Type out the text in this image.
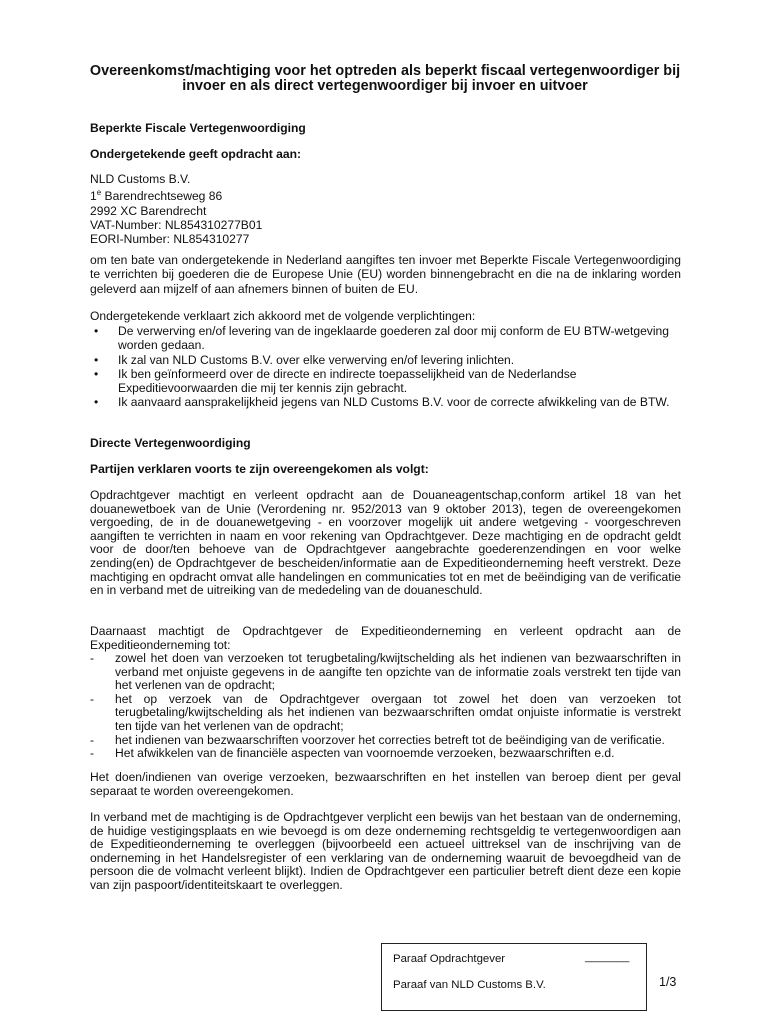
Overeenkomst/machtiging voor het optreden als beperkt fiscaal vertegenwoordiger bij invoer en als direct vertegenwoordiger bij invoer en uitvoer
Beperkte Fiscale Vertegenwoordiging
Ondergetekende geeft opdracht aan:
NLD Customs B.V.
1e Barendrechtseweg 86
2992 XC Barendrecht
VAT-Number: NL854310277B01
EORI-Number: NL854310277
om ten bate van ondergetekende in Nederland aangiftes ten invoer met Beperkte Fiscale Vertegenwoordiging te verrichten bij goederen die de Europese Unie (EU) worden binnengebracht en die na de inklaring worden geleverd aan mijzelf of aan afnemers binnen of buiten de EU.
Ondergetekende verklaart zich akkoord met de volgende verplichtingen:
• De verwerving en/of levering van de ingeklaarde goederen zal door mij conform de EU BTW-wetgeving worden gedaan.
• Ik zal van NLD Customs B.V. over elke verwerving en/of levering inlichten.
• Ik ben geïnformeerd over de directe en indirecte toepasselijkheid van de Nederlandse Expeditievoorwaarden die mij ter kennis zijn gebracht.
• Ik aanvaard aansprakelijkheid jegens van NLD Customs B.V. voor de correcte afwikkeling van de BTW.
Directe Vertegenwoordiging
Partijen verklaren voorts te zijn overeengekomen als volgt:
Opdrachtgever machtigt en verleent opdracht aan de Douaneagentschap,conform artikel 18 van het douanewetboek van de Unie (Verordening nr. 952/2013 van 9 oktober 2013), tegen de overeengekomen vergoeding, de in de douanewetgeving - en voorzover mogelijk uit andere wetgeving - voorgeschreven aangiften te verrichten in naam en voor rekening van Opdrachtgever. Deze machtiging en de opdracht geldt voor de door/ten behoeve van de Opdrachtgever aangebrachte goederenzendingen en voor welke zending(en) de Opdrachtgever de bescheiden/informatie aan de Expeditieonderneming heeft verstrekt. Deze machtiging en opdracht omvat alle handelingen en communicaties tot en met de beëindiging van de verificatie en in verband met de uitreiking van de mededeling van de douaneschuld.
Daarnaast machtigt de Opdrachtgever de Expeditieonderneming en verleent opdracht aan de Expeditieonderneming tot:
- zowel het doen van verzoeken tot terugbetaling/kwijtschelding als het indienen van bezwaarschriften in verband met onjuiste gegevens in de aangifte ten opzichte van de informatie zoals verstrekt ten tijde van het verlenen van de opdracht;
- het op verzoek van de Opdrachtgever overgaan tot zowel het doen van verzoeken tot terugbetaling/kwijtschelding als het indienen van bezwaarschriften omdat onjuiste informatie is verstrekt ten tijde van het verlenen van de opdracht;
- het indienen van bezwaarschriften voorzover het correcties betreft tot de beëindiging van de verificatie.
- Het afwikkelen van de financiële aspecten van voornoemde verzoeken, bezwaarschriften e.d.
Het doen/indienen van overige verzoeken, bezwaarschriften en het instellen van beroep dient per geval separaat te worden overeengekomen.
In verband met de machtiging is de Opdrachtgever verplicht een bewijs van het bestaan van de onderneming, de huidige vestigingsplaats en wie bevoegd is om deze onderneming rechtsgeldig te vertegenwoordigen aan de Expeditieonderneming te overleggen (bijvoorbeeld een actueel uittreksel van de inschrijving van de onderneming in het Handelsregister of een verklaring van de onderneming waaruit de bevoegdheid van de persoon die de volmacht verleent blijkt). Indien de Opdrachtgever een particulier betreft dient deze een kopie van zijn paspoort/identiteitskaart te overleggen.
Paraaf Opdrachtgever	_______
Paraaf van NLD Customs B.V.	1/3
